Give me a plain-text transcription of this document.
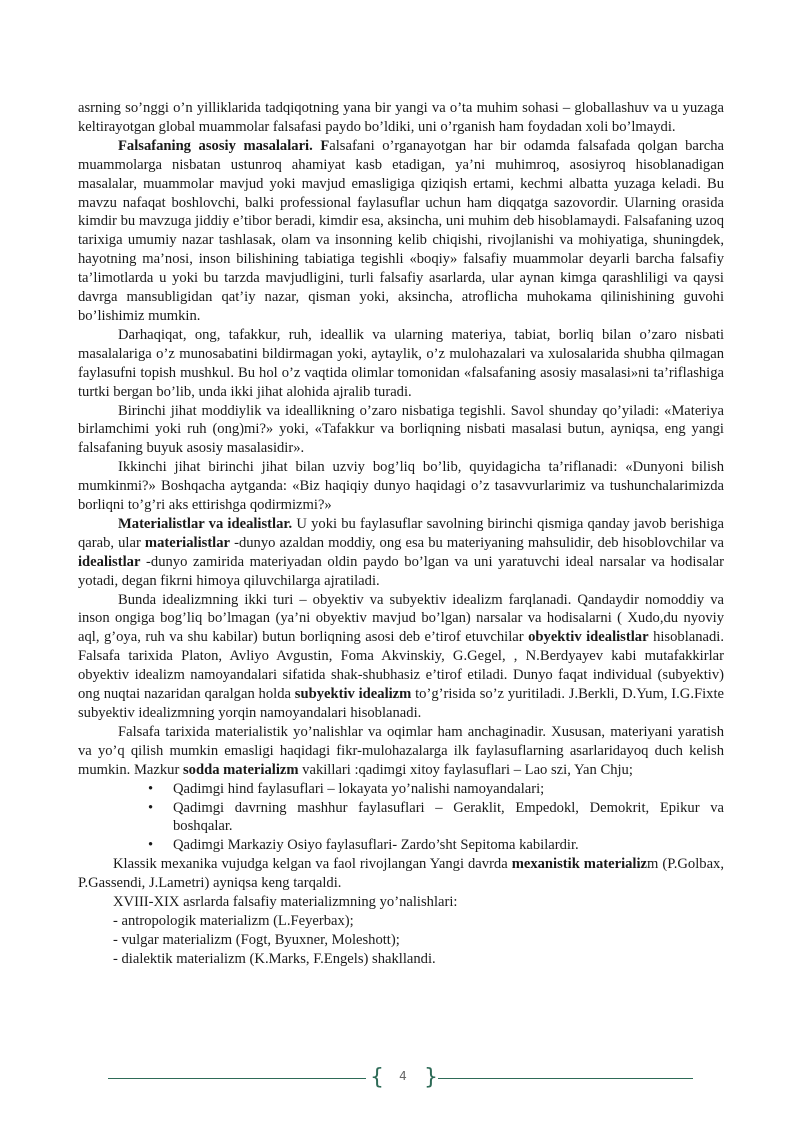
asrning so’nggi o’n yilliklarida tadqiqotning yana bir yangi va o’ta muhim sohasi – globallashuv va u yuzaga keltirayotgan global muammolar falsafasi paydo bo’ldiki, uni o’rganish ham foydadan xoli bo’lmaydi.

Falsafaning asosiy masalalari. Falsafani o’rganayotgan har bir odamda falsafada qolgan barcha muammolarga nisbatan ustunroq ahamiyat kasb etadigan, ya’ni muhimroq, asosiyroq hisoblanadigan masalalar, muammolar mavjud yoki mavjud emasligiga qiziqish ertami, kechmi albatta yuzaga keladi. Bu mavzu nafaqat boshlovchi, balki professional faylasuflar uchun ham diqqatga sazovordir. Ularning orasida kimdir bu mavzuga jiddiy e’tibor beradi, kimdir esa, aksincha, uni muhim deb hisoblamaydi. Falsafaning uzoq tarixiga umumiy nazar tashlasak, olam va insonning kelib chiqishi, rivojlanishi va mohiyatiga, shuningdek, hayotning ma’nosi, inson bilishining tabiatiga tegishli «boqiy» falsafiy muammolar deyarli barcha falsafiy ta’limotlarda u yoki bu tarzda mavjudligini, turli falsafiy asarlarda, ular aynan kimga qarashliligi va qaysi davrga mansubligidan qat’iy nazar, qisman yoki, aksincha, atroflicha muhokama qilinishining guvohi bo’lishimiz mumkin.

Darhaqiqat, ong, tafakkur, ruh, ideallik va ularning materiya, tabiat, borliq bilan o’zaro nisbati masalalariga o’z munosabatini bildirmagan yoki, aytaylik, o’z mulohazalari va xulosalarida shubha qilmagan faylasufni topish mushkul. Bu hol o’z vaqtida olimlar tomonidan «falsafaning asosiy masalasi»ni ta’riflashiga turtki bergan bo’lib, unda ikki jihat alohida ajralib turadi.

Birinchi jihat moddiylik va ideallikning o’zaro nisbatiga tegishli. Savol shunday qo’yiladi: «Materiya birlamchimi yoki ruh (ong)mi?» yoki, «Tafakkur va borliqning nisbati masalasi butun, ayniqsa, eng yangi falsafaning buyuk asosiy masalasidir».

Ikkinchi jihat birinchi jihat bilan uzviy bog’liq bo’lib, quyidagicha ta’riflanadi: «Dunyoni bilish mumkinmi?» Boshqacha aytganda: «Biz haqiqiy dunyo haqidagi o’z tasavvurlarimiz va tushunchalarimizda borliqni to’g’ri aks ettirishga qodirmizmi?»

Materialistlar va idealistlar. U yoki bu faylasuflar savolning birinchi qismiga qanday javob berishiga qarab, ular materialistlar -dunyo azaldan moddiy, ong esa bu materiyaning mahsulidir, deb hisoblovchilar va idealistlar -dunyo zamirida materiyadan oldin paydo bo’lgan va uni yaratuvchi ideal narsalar va hodisalar yotadi, degan fikrni himoya qiluvchilarga ajratiladi.

Bunda idealizmning ikki turi – obyektiv va subyektiv idealizm farqlanadi. Qandaydir nomoddiy va inson ongiga bog’liq bo’lmagan (ya’ni obyektiv mavjud bo’lgan) narsalar va hodisalarni ( Xudo,du nyoviy aql, g’oya, ruh va shu kabilar) butun borliqning asosi deb e’tirof etuvchilar obyektiv idealistlar hisoblanadi. Falsafa tarixida Platon, Avliyo Avgustin, Foma Akvinskiy, G.Gegel, , N.Berdyayev kabi mutafakkirlar obyektiv idealizm namoyandalari sifatida shak-shubhasiz e’tirof etiladi. Dunyo faqat individual (subyektiv) ong nuqtai nazaridan qaralgan holda subyektiv idealizm to’g’risida so’z yuritiladi. J.Berkli, D.Yum, I.G.Fixte subyektiv idealizmning yorqin namoyandalari hisoblanadi.

Falsafa tarixida materialistik yo’nalishlar va oqimlar ham anchaginadir. Xususan, materiyani yaratish va yo’q qilish mumkin emasligi haqidagi fikr-mulohazalarga ilk faylasuflarning asarlaridayoq duch kelish mumkin. Mazkur sodda materializm vakillari :qadimgi xitoy faylasuflari – Lao szi, Yan Chju;

• Qadimgi hind faylasuflari – lokayata yo’nalishi namoyandalari;
• Qadimgi davrning mashhur faylasuflari – Geraklit, Empedokl, Demokrit, Epikur va boshqalar.
• Qadimgi Markaziy Osiyo faylasuflari- Zardo’sht Sepitoma kabilardir.

Klassik mexanika vujudga kelgan va faol rivojlangan Yangi davrda mexanistik materializm (P.Golbax, P.Gassendi, J.Lametri) ayniqsa keng tarqaldi.

XVIII-XIX asrlarda falsafiy materializmning yo’nalishlari:

- antropologik materializm (L.Feyerbax);

- vulgar materializm (Fogt, Byuxner, Moleshott);

- dialektik materializm (K.Marks, F.Engels) shakllandi.

{	4 }
